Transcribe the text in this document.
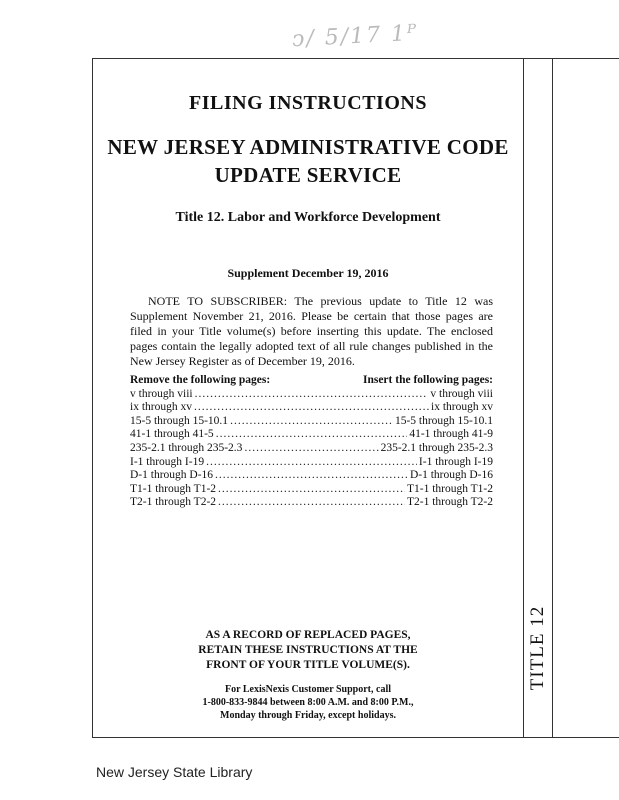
ↄ/ 5/17 1ᴾ
TITLE 12
FILING INSTRUCTIONS
NEW JERSEY ADMINISTRATIVE CODE
UPDATE SERVICE
Title 12. Labor and Workforce Development
Supplement December 19, 2016
NOTE TO SUBSCRIBER: The previous update to Title 12 was Supplement November 21, 2016. Please be certain that those pages are filed in your Title volume(s) before inserting this update. The enclosed pages contain the legally adopted text of all rule changes published in the New Jersey Register as of December 19, 2016.
Remove the following pages:	Insert the following pages:
v through viii .....	v through viii
ix through xv .....	ix through xv
15-5 through 15-10.1 .....	15-5 through 15-10.1
41-1 through 41-5 .....	41-1 through 41-9
235-2.1 through 235-2.3 .....	235-2.1 through 235-2.3
I-1 through I-19 .....	I-1 through I-19
D-1 through D-16 .....	D-1 through D-16
T1-1 through T1-2 .....	T1-1 through T1-2
T2-1 through T2-2 .....	T2-1 through T2-2
AS A RECORD OF REPLACED PAGES,
RETAIN THESE INSTRUCTIONS AT THE
FRONT OF YOUR TITLE VOLUME(S).
For LexisNexis Customer Support, call
1-800-833-9844 between 8:00 A.M. and 8:00 P.M.,
Monday through Friday, except holidays.
New Jersey State Library
